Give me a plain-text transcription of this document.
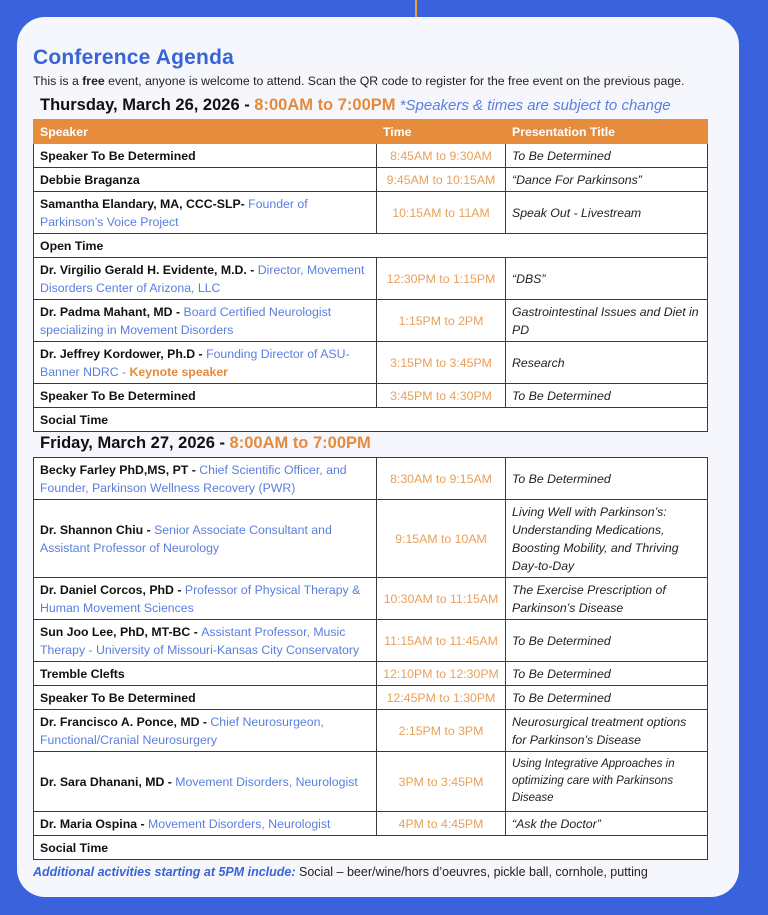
Conference Agenda
This is a free event, anyone is welcome to attend. Scan the QR code to register for the free event on the previous page.
Thursday, March 26, 2026 - 8:00AM to 7:00PM *Speakers & times are subject to change
Speaker	Time	Presentation Title
Speaker To Be Determined	8:45AM to 9:30AM	To Be Determined
Debbie Braganza	9:45AM to 10:15AM	“Dance For Parkinsons”
Samantha Elandary, MA, CCC-SLP- Founder of Parkinson’s Voice Project	10:15AM to 11AM	Speak Out - Livestream
Open Time		
Dr. Virgilio Gerald H. Evidente, M.D. - Director, Movement Disorders Center of Arizona, LLC	12:30PM to 1:15PM	“DBS”
Dr. Padma Mahant, MD - Board Certified Neurologist specializing in Movement Disorders	1:15PM to 2PM	Gastrointestinal Issues and Diet in PD
Dr. Jeffrey Kordower, Ph.D - Founding Director of ASU-Banner NDRC - Keynote speaker	3:15PM to 3:45PM	Research
Speaker To Be Determined	3:45PM to 4:30PM	To Be Determined
Social Time		
Friday, March 27, 2026 - 8:00AM to 7:00PM
Becky Farley PhD,MS, PT - Chief Scientific Officer, and Founder, Parkinson Wellness Recovery (PWR)	8:30AM to 9:15AM	To Be Determined
Dr. Shannon Chiu - Senior Associate Consultant and Assistant Professor of Neurology	9:15AM to 10AM	Living Well with Parkinson’s: Understanding Medications, Boosting Mobility, and Thriving Day-to-Day
Dr. Daniel Corcos, PhD - Professor of Physical Therapy & Human Movement Sciences	10:30AM to 11:15AM	The Exercise Prescription of Parkinson’s Disease
Sun Joo Lee, PhD, MT-BC - Assistant Professor, Music Therapy - University of Missouri-Kansas City Conservatory	11:15AM to 11:45AM	To Be Determined
Tremble Clefts	12:10PM to 12:30PM	To Be Determined
Speaker To Be Determined	12:45PM to 1:30PM	To Be Determined
Dr. Francisco A. Ponce, MD - Chief Neurosurgeon, Functional/Cranial Neurosurgery	2:15PM to 3PM	Neurosurgical treatment options for Parkinson’s Disease
Dr. Sara Dhanani, MD - Movement Disorders, Neurologist	3PM to 3:45PM	Using Integrative Approaches in optimizing care with Parkinsons Disease
Dr. Maria Ospina - Movement Disorders, Neurologist	4PM to 4:45PM	“Ask the Doctor”
Social Time		
Additional activities starting at 5PM include: Social – beer/wine/hors d’oeuvres, pickle ball, cornhole, putting
